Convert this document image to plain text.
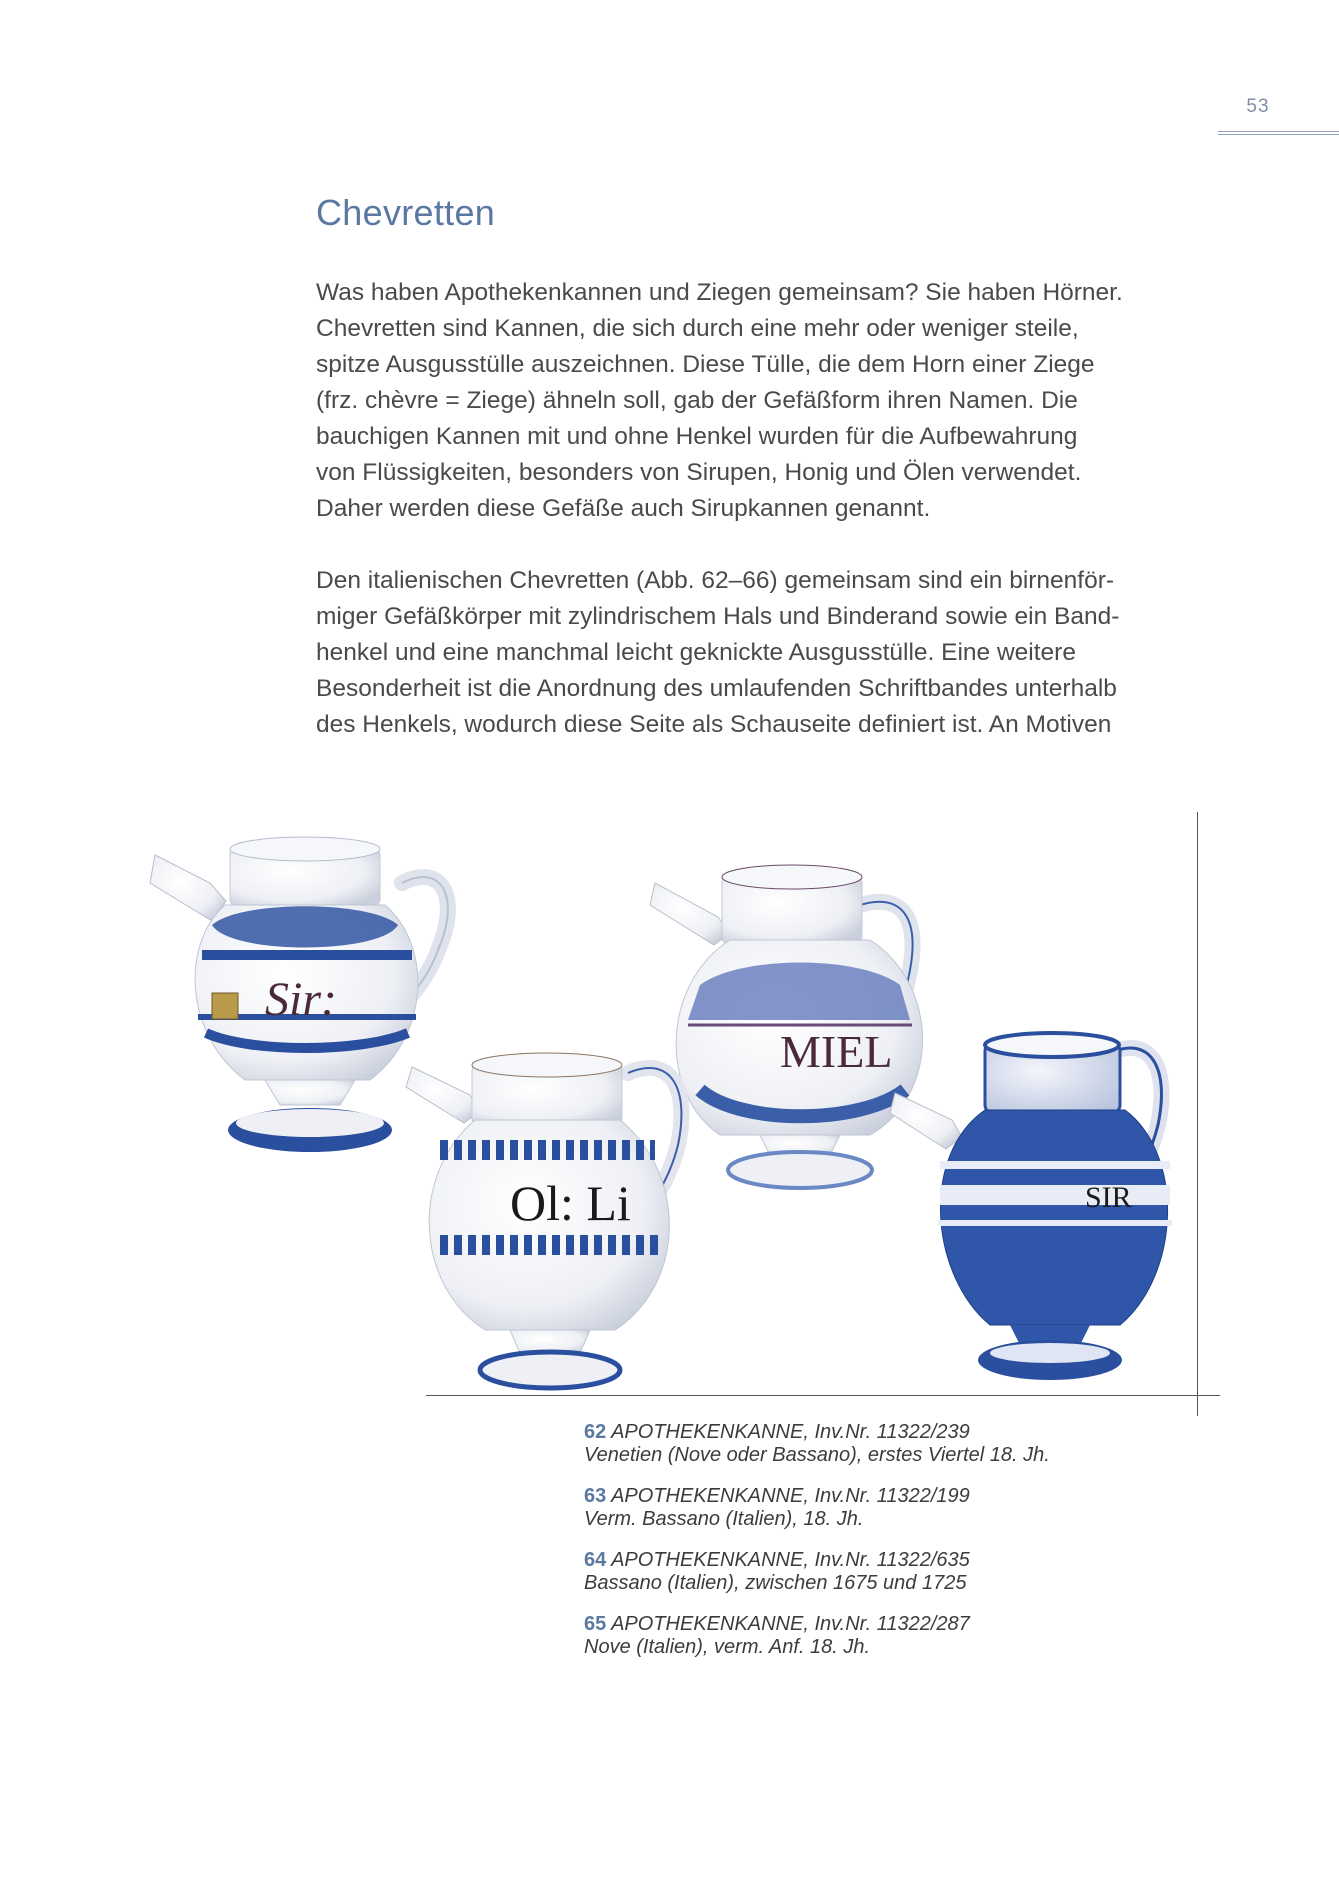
53
Chevretten

Was haben Apothekenkannen und Ziegen gemeinsam? Sie haben Hörner.
Chevretten sind Kannen, die sich durch eine mehr oder weniger steile,
spitze Ausgusstülle auszeichnen. Diese Tülle, die dem Horn einer Ziege
(frz. chèvre = Ziege) ähneln soll, gab der Gefäßform ihren Namen. Die
bauchigen Kannen mit und ohne Henkel wurden für die Aufbewahrung
von Flüssigkeiten, besonders von Sirupen, Honig und Ölen verwendet.
Daher werden diese Gefäße auch Sirupkannen genannt.

Den italienischen Chevretten (Abb. 62–66) gemeinsam sind ein birnenför-
miger Gefäßkörper mit zylindrischem Hals und Binderand sowie ein Band-
henkel und eine manchmal leicht geknickte Ausgusstülle. Eine weitere
Besonderheit ist die Anordnung des umlaufenden Schriftbandes unterhalb
des Henkels, wodurch diese Seite als Schauseite definiert ist. An Motiven

Sir:
MIEL
Ol: Li	SIR

62 APOTHEKENKANNE, Inv.Nr. 11322/239
Venetien (Nove oder Bassano), erstes Viertel 18. Jh.

63 APOTHEKENKANNE, Inv.Nr. 11322/199
Verm. Bassano (Italien), 18. Jh.

64 APOTHEKENKANNE, Inv.Nr. 11322/635
Bassano (Italien), zwischen 1675 und 1725

65 APOTHEKENKANNE, Inv.Nr. 11322/287
Nove (Italien), verm. Anf. 18. Jh.
